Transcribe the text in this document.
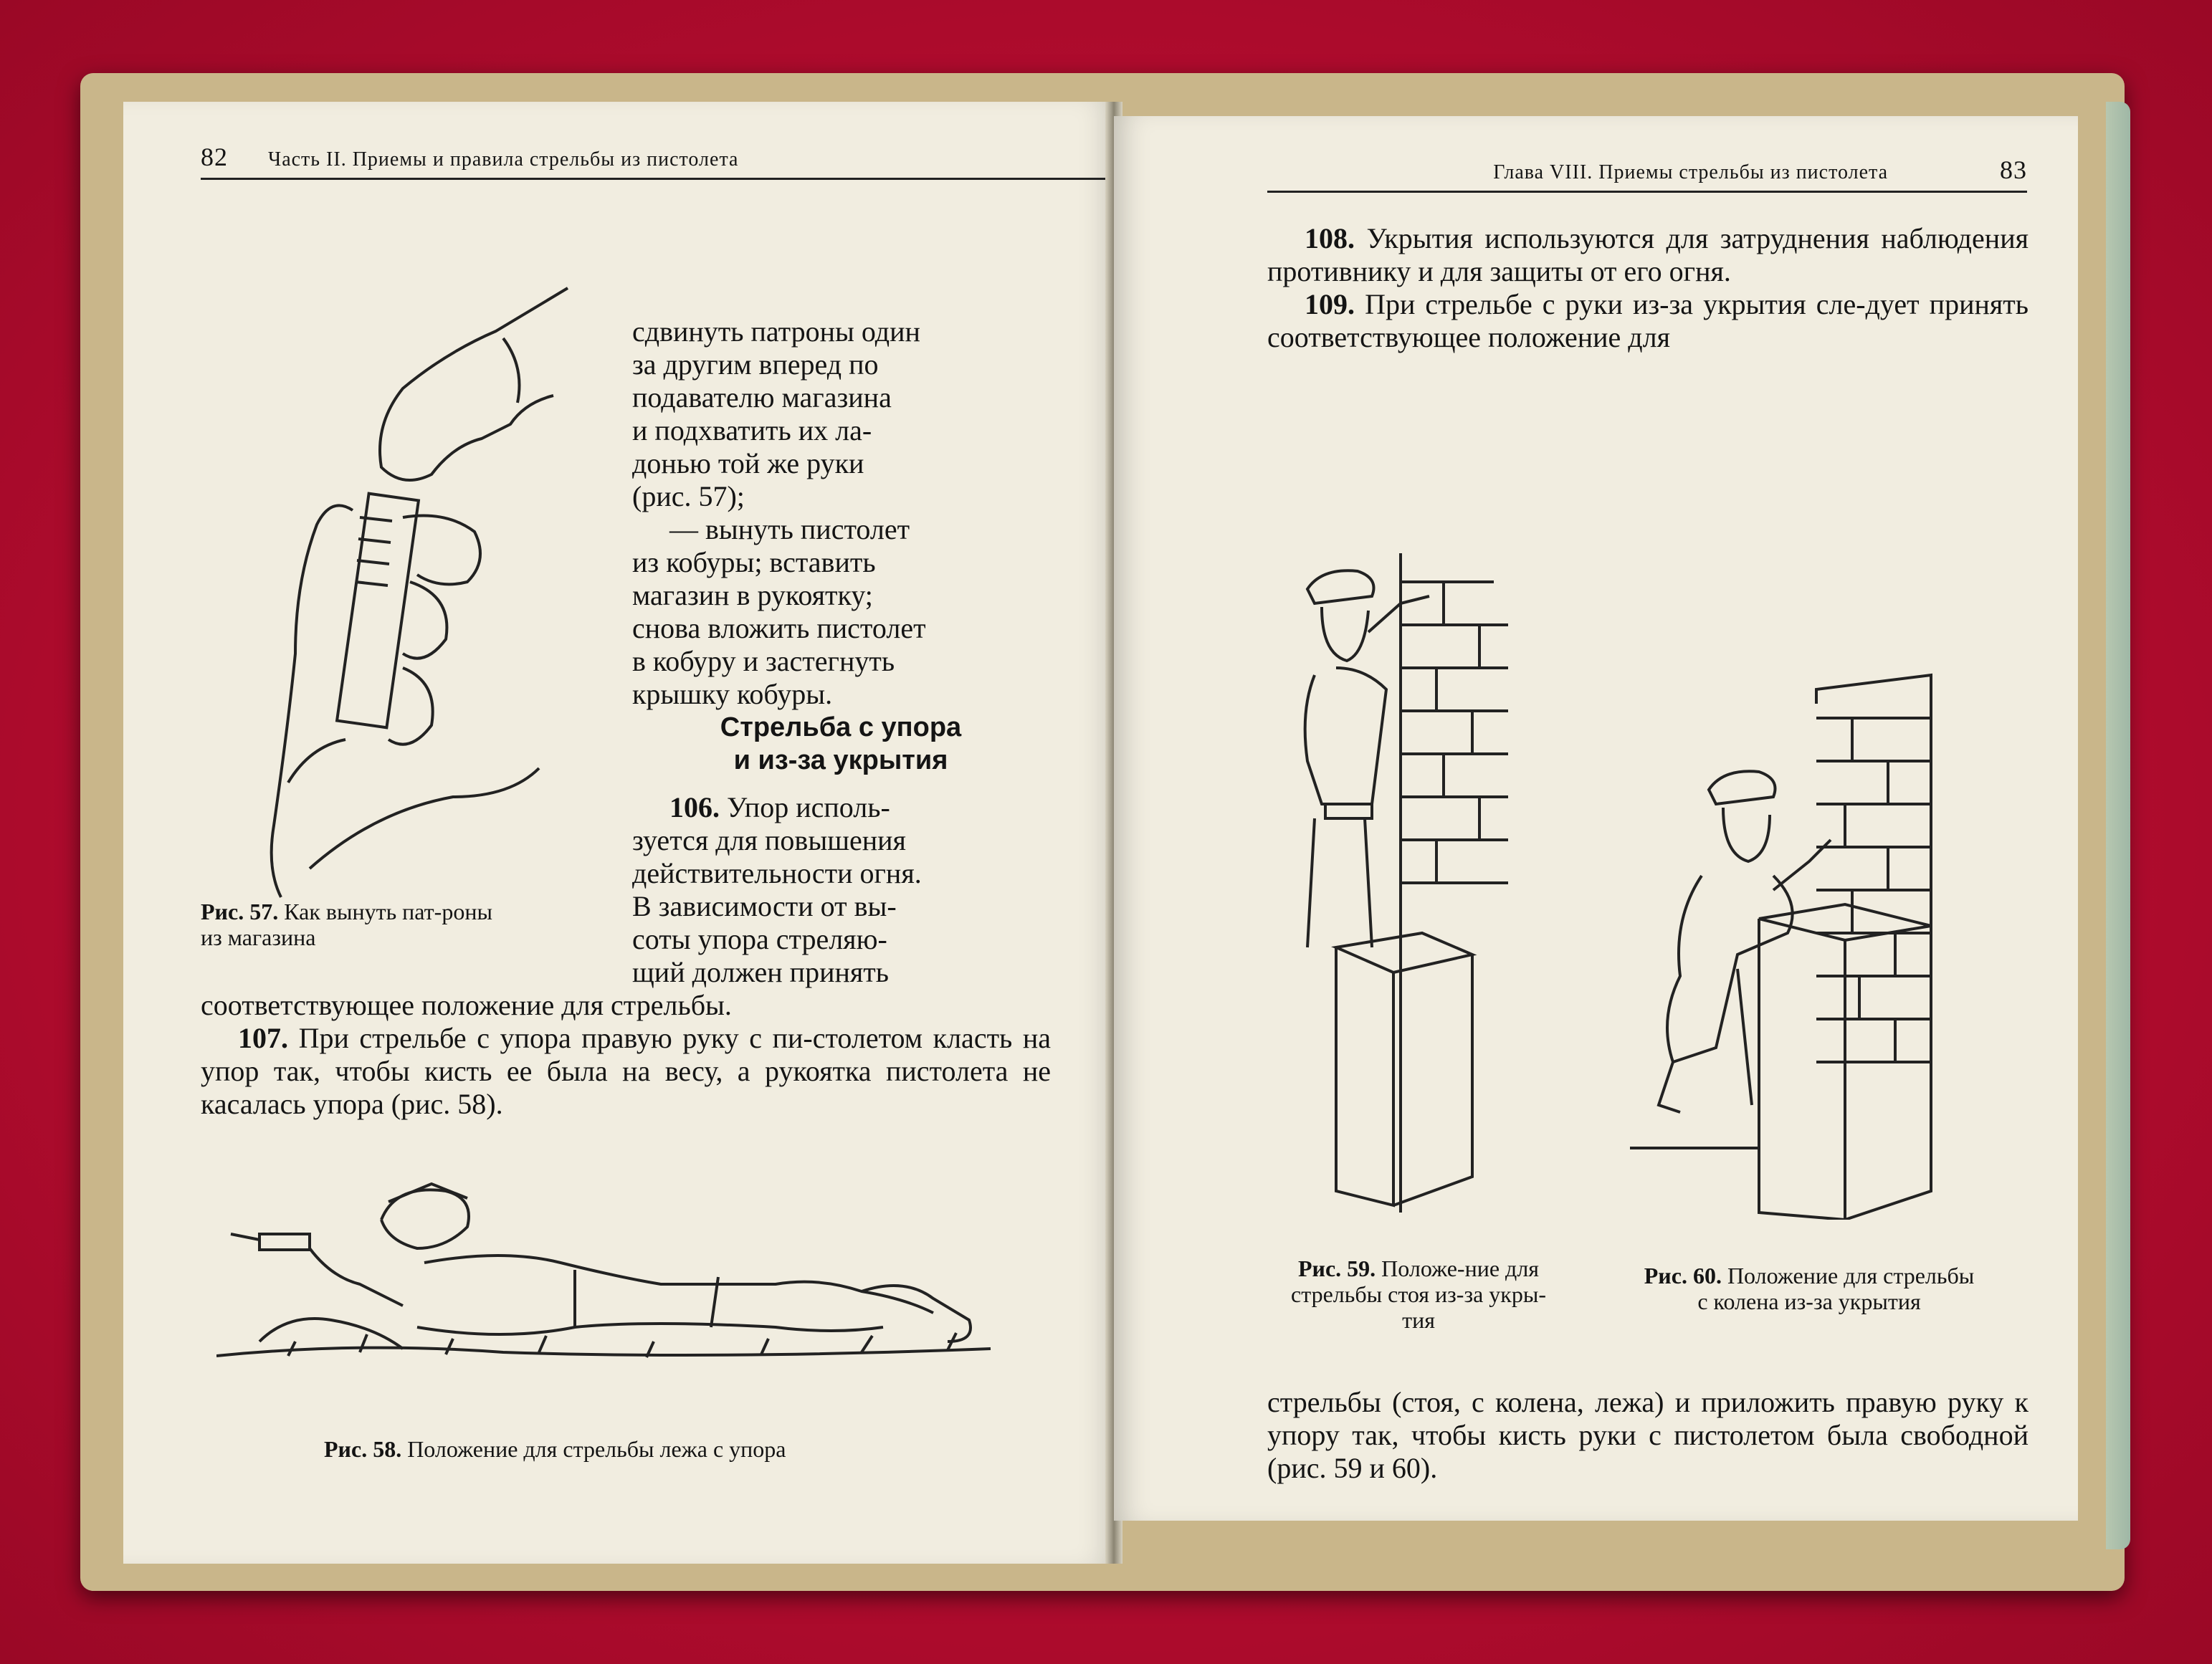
82 Часть II. Приемы и правила стрельбы из пистолета
Рис. 57. Как вынуть пат-роны из магазина

сдвинуть патроны один

за другим вперед по

подавателю магазина

и подхватить их ла-

донью той же руки

(рис. 57);

— вынуть пистолет

из кобуры; вставить

магазин в рукоятку;

снова вложить пистолет

в кобуру и застегнуть

крышку кобуры.

Стрельба с упора
и из-за укрытия

106. Упор исполь-

зуется для повышения

действительности огня.

В зависимости от вы-

соты упора стреляю-

щий должен принять

соответствующее положение для стрельбы.

107. При стрельбе с упора правую руку с пи-столетом класть на упор так, чтобы кисть ее была на весу, а рукоятка пистолета не касалась упора (рис. 58).

Рис. 58. Положение для стрельбы лежа с упора
Глава VIII. Приемы стрельбы из пистолета	83

108. Укрытия используются для затруднения наблюдения противнику и для защиты от его огня.

109. При стрельбе с руки из-за укрытия сле-дует принять соответствующее положение для

Рис. 59. Положе-ние для стрельбы стоя из-за укры-тия
Рис. 60. Положение для стрельбы с колена из-за укрытия

стрельбы (стоя, с колена, лежа) и приложить правую руку к упору так, чтобы кисть руки с пистолетом была свободной (рис. 59 и 60).
